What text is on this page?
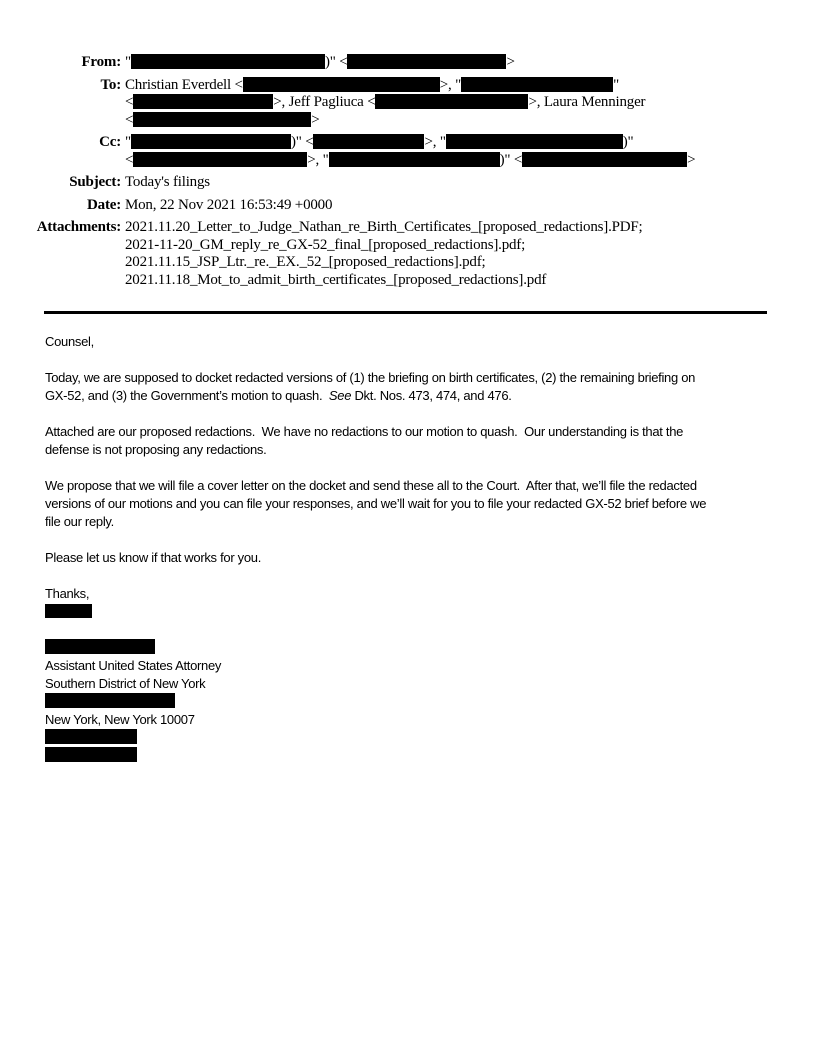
From: "	)" <	>
To: Christian Everdell <	>, "	"
<	>, Jeff Pagliuca <	>, Laura Menninger
<	>
Cc: "	)" <	>, "	)"
<	>, "	)" <	>
Subject: Today's filings
Date: Mon, 22 Nov 2021 16:53:49 +0000
Attachments: 2021.11.20_Letter_to_Judge_Nathan_re_Birth_Certificates_[proposed_redactions].PDF;
2021-11-20_GM_reply_re_GX-52_final_[proposed_redactions].pdf;
2021.11.15_JSP_Ltr._re._EX._52_[proposed_redactions].pdf;
2021.11.18_Mot_to_admit_birth_certificates_[proposed_redactions].pdf
Counsel,
Today, we are supposed to docket redacted versions of (1) the briefing on birth certificates, (2) the remaining briefing on
GX-52, and (3) the Government’s motion to quash.  See Dkt. Nos. 473, 474, and 476.
Attached are our proposed redactions.  We have no redactions to our motion to quash.  Our understanding is that the
defense is not proposing any redactions.
We propose that we will file a cover letter on the docket and send these all to the Court.  After that, we’ll file the redacted
versions of our motions and you can file your responses, and we’ll wait for you to file your redacted GX-52 brief before we
file our reply.
Please let us know if that works for you.
Thanks,
Assistant United States Attorney
Southern District of New York
New York, New York 10007
